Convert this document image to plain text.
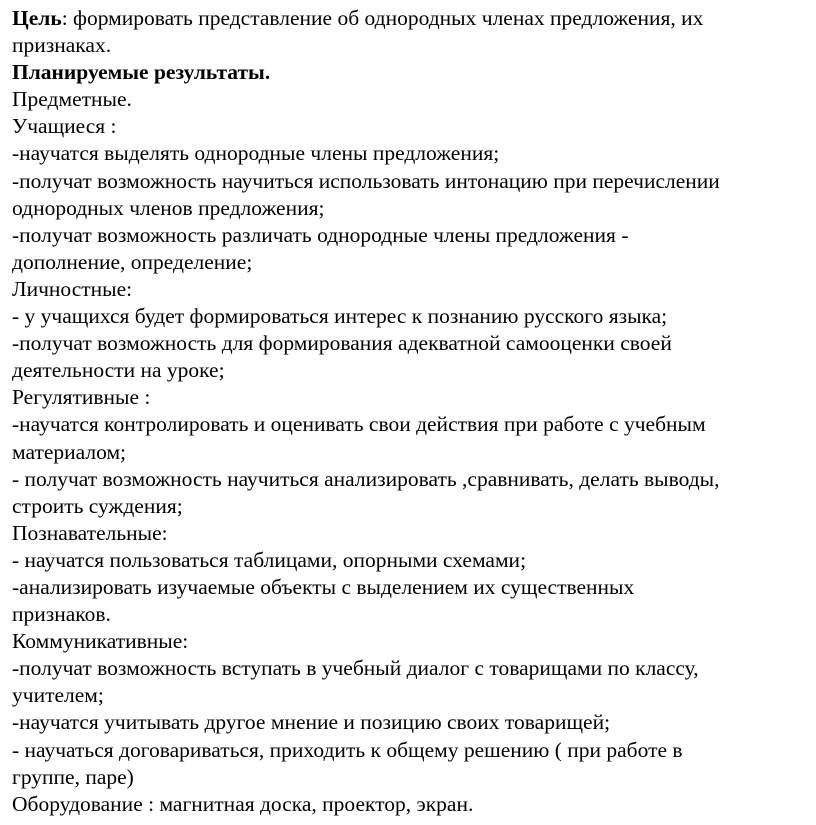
Цель: формировать представление об однородных членах предложения, их
признаках.
Планируемые результаты.
Предметные.
Учащиеся :
-научатся выделять однородные члены предложения;
-получат возможность научиться использовать интонацию при перечислении
однородных членов предложения;
-получат возможность различать однородные члены предложения -
дополнение, определение;
Личностные:
- у учащихся будет формироваться интерес к познанию русского языка;
-получат возможность для формирования адекватной самооценки своей
деятельности на уроке;
Регулятивные :
-научатся контролировать и оценивать свои действия при работе с учебным
материалом;
- получат возможность научиться анализировать ,сравнивать, делать выводы,
строить суждения;
Познавательные:
- научатся пользоваться таблицами, опорными схемами;
-анализировать изучаемые объекты с выделением их существенных
признаков.
Коммуникативные:
-получат возможность вступать в учебный диалог с товарищами по классу,
учителем;
-научатся учитывать другое мнение и позицию своих товарищей;
- научаться договариваться, приходить к общему решению ( при работе в
группе, паре)
Оборудование : магнитная доска, проектор, экран.
